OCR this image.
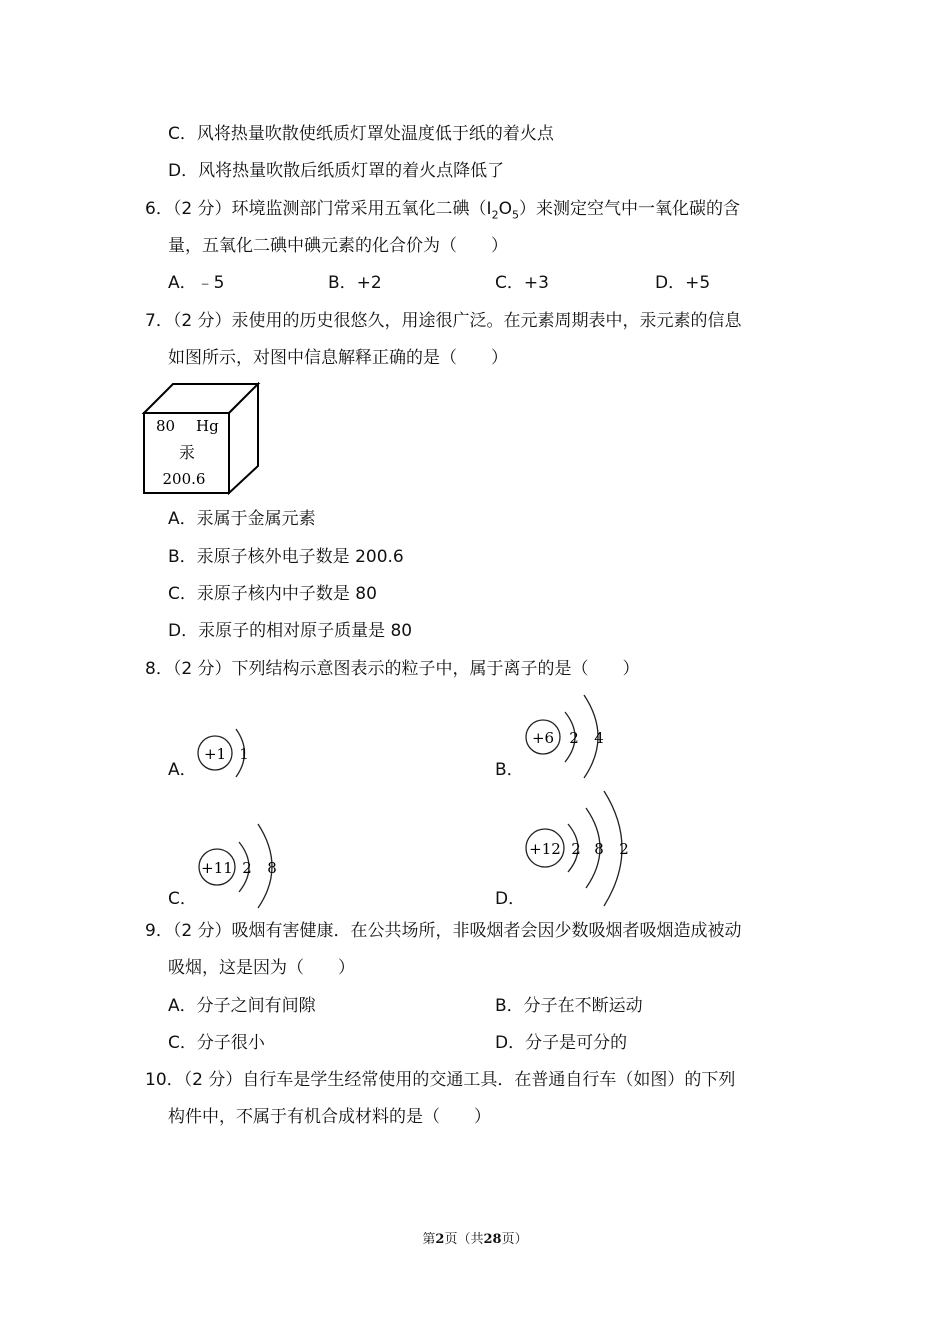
C．风将热量吹散使纸质灯罩处温度低于纸的着火点
D．风将热量吹散后纸质灯罩的着火点降低了
6．（2 分）环境监测部门常采用五氧化二碘$(I_2O_5)$来测定空气中一氧化碳的含
量，五氧化二碘中碘元素的化合价为（　　）
A．﹣5	B．+2	C．+3	D．+5
7．（2 分）汞使用的历史很悠久，用途很广泛。在元素周期表中，汞元素的信息
如图所示，对图中信息解释正确的是（　　）
80 Hg
汞
200.6
A．汞属于金属元素
B．汞原子核外电子数是 200.6
C．汞原子核内中子数是 80
D．汞原子的相对原子质量是 80
8．（2 分）下列结构示意图表示的粒子中，属于离子的是（　　）
A．
+1 1
B．
+6 2 4
C．
+11 2 8
D．
+12 2 8 2
9．（2 分）吸烟有害健康．在公共场所，非吸烟者会因少数吸烟者吸烟造成被动
吸烟，这是因为（　　）
A．分子之间有间隙	B．分子在不断运动
C．分子很小	D．分子是可分的
10．（2 分）自行车是学生经常使用的交通工具．在普通自行车（如图）的下列
构件中，不属于有机合成材料的是（　　）
第2页（共28页）
